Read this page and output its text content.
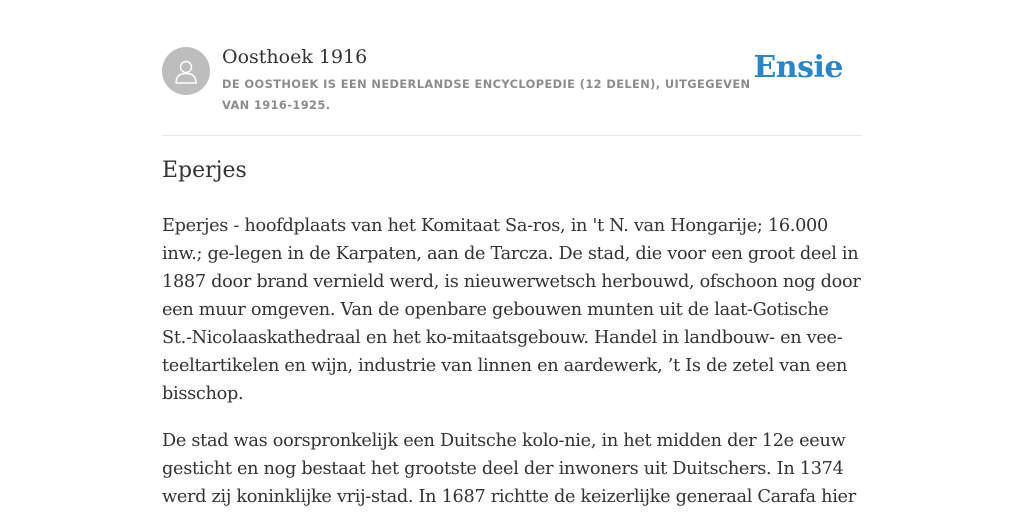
Oosthoek 1916
DE OOSTHOEK IS EEN NEDERLANDSE ENCYCLOPEDIE (12 DELEN), UITGEGEVEN VAN 1916-1925.
Ensie
Eperjes

Eperjes - hoofdplaats van het Komitaat Sa-ros, in 't N. van Hongarije; 16.000 inw.; ge-legen in de Karpaten, aan de Tarcza. De stad, die voor een groot deel in 1887 door brand vernield werd, is nieuwerwetsch herbouwd, ofschoon nog door een muur omgeven. Van de openbare gebouwen munten uit de laat-Gotische St.-Nicolaaskathedraal en het ko-mitaatsgebouw. Handel in landbouw- en vee-teeltartikelen en wijn, industrie van linnen en aardewerk, ’t Is de zetel van een bisschop.

De stad was oorspronkelijk een Duitsche kolo-nie, in het midden der 12e eeuw gesticht en nog bestaat het grootste deel der inwoners uit Duitschers. In 1374 werd zij koninklijke vrij-stad. In 1687 richtte de keizerlijke generaal Carafa hier
